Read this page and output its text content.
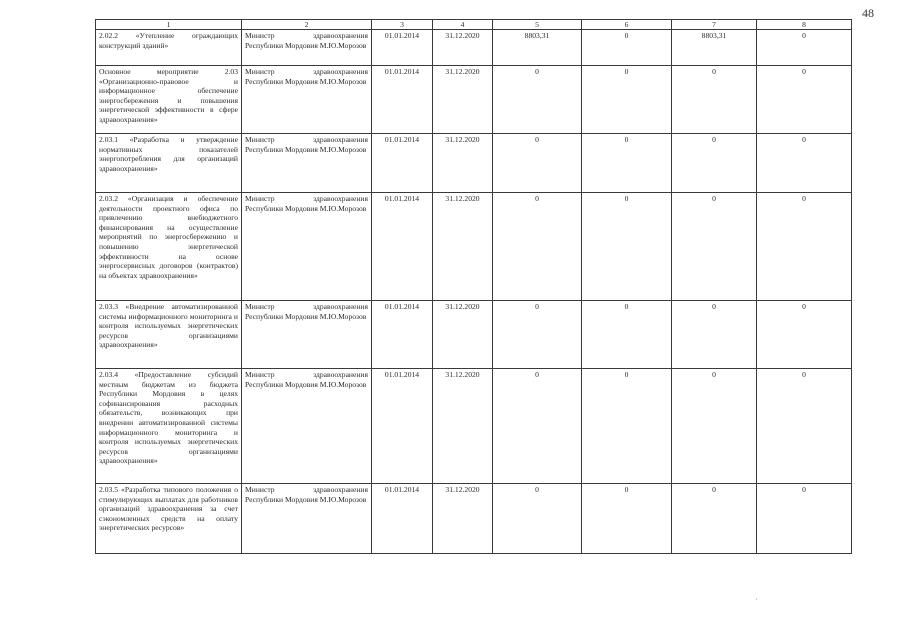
48
1	2	3	4	5	6	7	8
2.02.2 «Утепление ограждающих конструкций зданий»	Министр здравоохранения Республики Мордовия М.Ю.Морозов	01.01.2014	31.12.2020	8803,31	0	8803,31	0
Основное мероприятие 2.03 «Организационно-правовое и информационное обеспечение энергосбережения и повышения энергетической эффективности в сфере здравоохранения»	Министр здравоохранения Республики Мордовия М.Ю.Морозов	01.01.2014	31.12.2020	0	0	0	0
2.03.1 «Разработка и утверждение нормативных показателей энергопотребления для организаций здравоохранения»	Министр здравоохранения Республики Мордовия М.Ю.Морозов	01.01.2014	31.12.2020	0	0	0	0
2.03.2 «Организация и обеспечение деятельности проектного офиса по привлечению внебюджетного финансирования на осуществление мероприятий по энергосбережению и повышению энергетической эффективности на основе энергосервисных договоров (контрактов) на объектах здравоохранения»	Министр здравоохранения Республики Мордовия М.Ю.Морозов	01.01.2014	31.12.2020	0	0	0	0
2.03.3 «Внедрение автоматизированной системы информационного мониторинга и контроля используемых энергетических ресурсов организациями здравоохранения»	Министр здравоохранения Республики Мордовия М.Ю.Морозов	01.01.2014	31.12.2020	0	0	0	0
2.03.4 «Предоставление субсидий местным бюджетам из бюджета Республики Мордовия в целях софинансирования расходных обязательств, возникающих при внедрении автоматизированной системы информационного мониторинга и контроля используемых энергетических ресурсов организациями здравоохранения»	Министр здравоохранения Республики Мордовия М.Ю.Морозов	01.01.2014	31.12.2020	0	0	0	0
2.03.5 «Разработка типового положения о стимулирующих выплатах для работников организаций здравоохранения за счет сэкономленных средств на оплату энергетических ресурсов»	Министр здравоохранения Республики Мордовия М.Ю.Морозов	01.01.2014	31.12.2020	0	0	0	0
·
